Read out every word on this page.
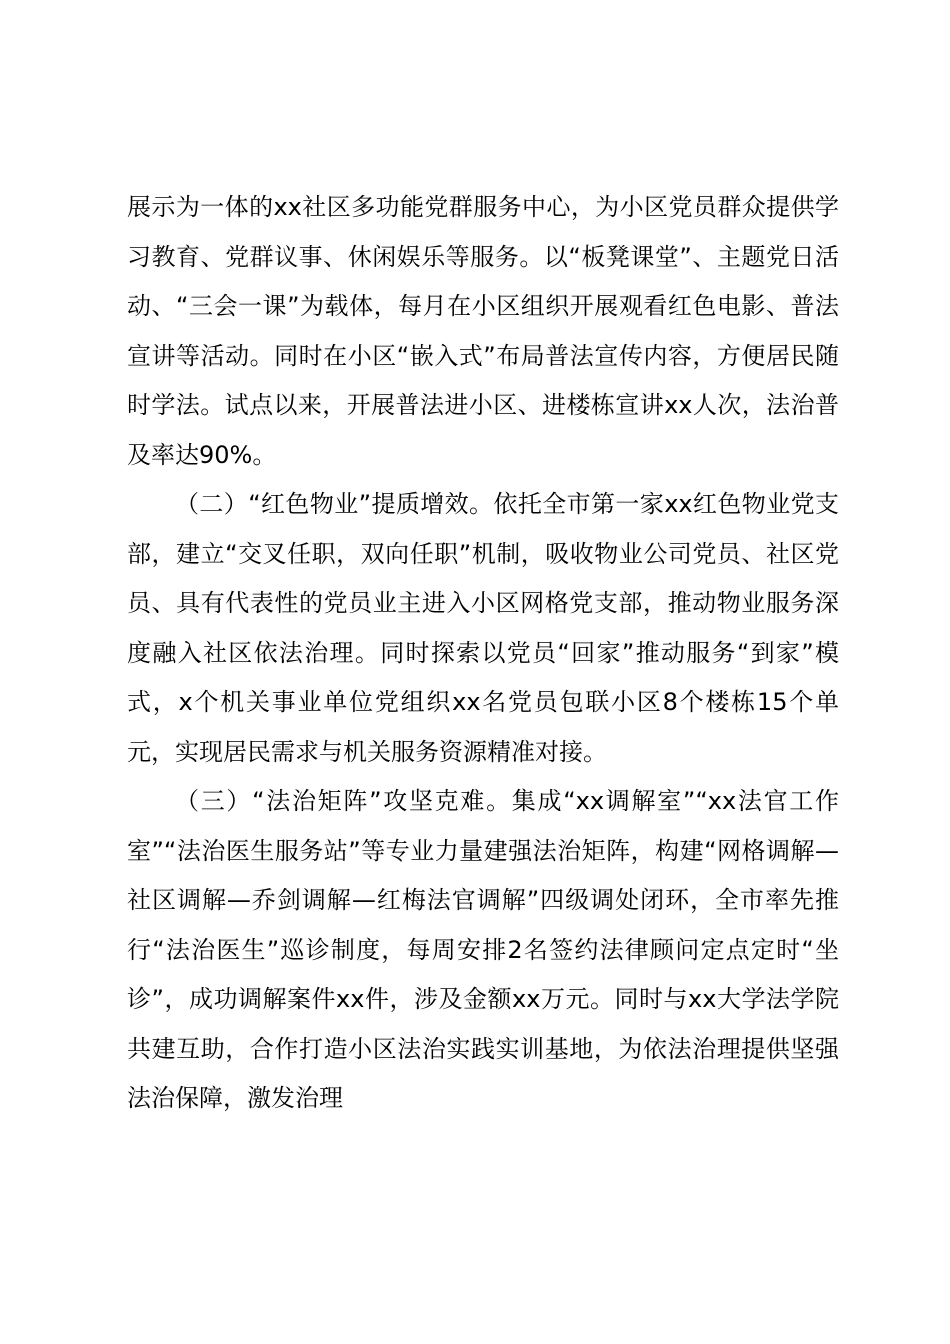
展示为一体的xx社区多功能党群服务中心，为小区党员群众提供学习教育、党群议事、休闲娱乐等服务。以“板凳课堂”、主题党日活动、“三会一课”为载体，每月在小区组织开展观看红色电影、普法宣讲等活动。同时在小区“嵌入式”布局普法宣传内容，方便居民随时学法。试点以来，开展普法进小区、进楼栋宣讲xx人次，法治普及率达90%。

（二）“红色物业”提质增效。依托全市第一家xx红色物业党支部，建立“交叉任职，双向任职”机制，吸收物业公司党员、社区党员、具有代表性的党员业主进入小区网格党支部，推动物业服务深度融入社区依法治理。同时探索以党员“回家”推动服务“到家”模式，x个机关事业单位党组织xx名党员包联小区8个楼栋15个单元，实现居民需求与机关服务资源精准对接。

（三）“法治矩阵”攻坚克难。集成“xx调解室”“xx法官工作室”“法治医生服务站”等专业力量建强法治矩阵，构建“网格调解—社区调解—乔剑调解—红梅法官调解”四级调处闭环，全市率先推行“法治医生”巡诊制度，每周安排2名签约法律顾问定点定时“坐诊”，成功调解案件xx件，涉及金额xx万元。同时与xx大学法学院共建互助，合作打造小区法治实践实训基地，为依法治理提供坚强法治保障，激发治理
